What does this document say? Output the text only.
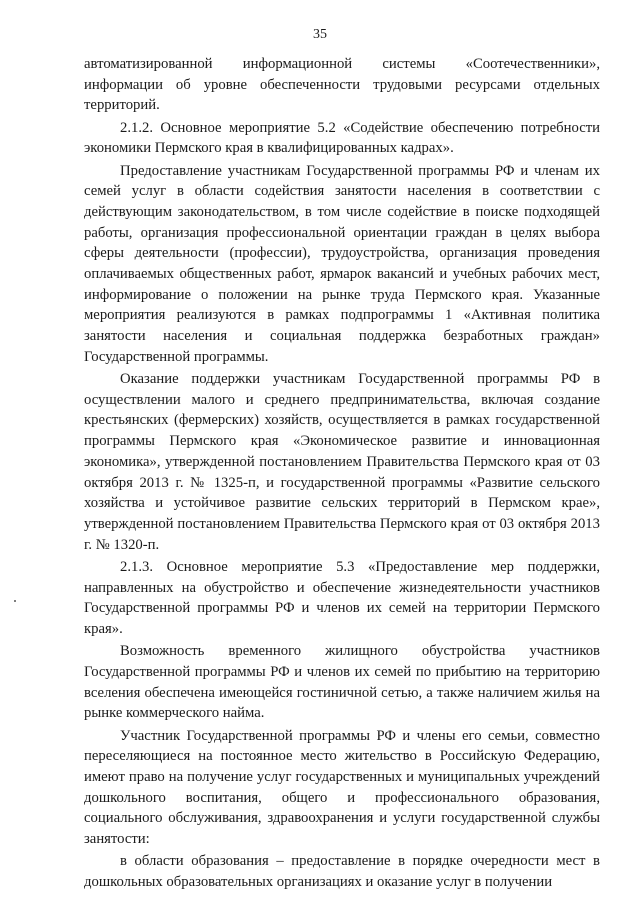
35

автоматизированной информационной системы «Соотечественники», информации об уровне обеспеченности трудовыми ресурсами отдельных территорий.

2.1.2. Основное мероприятие 5.2 «Содействие обеспечению потребности экономики Пермского края в квалифицированных кадрах».

Предоставление участникам Государственной программы РФ и членам их семей услуг в области содействия занятости населения в соответствии с действующим законодательством, в том числе содействие в поиске подходящей работы, организация профессиональной ориентации граждан в целях выбора сферы деятельности (профессии), трудоустройства, организация проведения оплачиваемых общественных работ, ярмарок вакансий и учебных рабочих мест, информирование о положении на рынке труда Пермского края. Указанные мероприятия реализуются в рамках подпрограммы 1 «Активная политика занятости населения и социальная поддержка безработных граждан» Государственной программы.

Оказание поддержки участникам Государственной программы РФ в осуществлении малого и среднего предпринимательства, включая создание крестьянских (фермерских) хозяйств, осуществляется в рамках государственной программы Пермского края «Экономическое развитие и инновационная экономика», утвержденной постановлением Правительства Пермского края от 03 октября 2013 г. № 1325-п, и государственной программы «Развитие сельского хозяйства и устойчивое развитие сельских территорий в Пермском крае», утвержденной постановлением Правительства Пермского края от 03 октября 2013 г. № 1320-п.

2.1.3. Основное мероприятие 5.3 «Предоставление мер поддержки, направленных на обустройство и обеспечение жизнедеятельности участников Государственной программы РФ и членов их семей на территории Пермского края».

Возможность временного жилищного обустройства участников Государственной программы РФ и членов их семей по прибытию на территорию вселения обеспечена имеющейся гостиничной сетью, а также наличием жилья на рынке коммерческого найма.

Участник Государственной программы РФ и члены его семьи, совместно переселяющиеся на постоянное место жительство в Российскую Федерацию, имеют право на получение услуг государственных и муниципальных учреждений дошкольного воспитания, общего и профессионального образования, социального обслуживания, здравоохранения и услуги государственной службы занятости:

в области образования – предоставление в порядке очередности мест в дошкольных образовательных организациях и оказание услуг в получении
